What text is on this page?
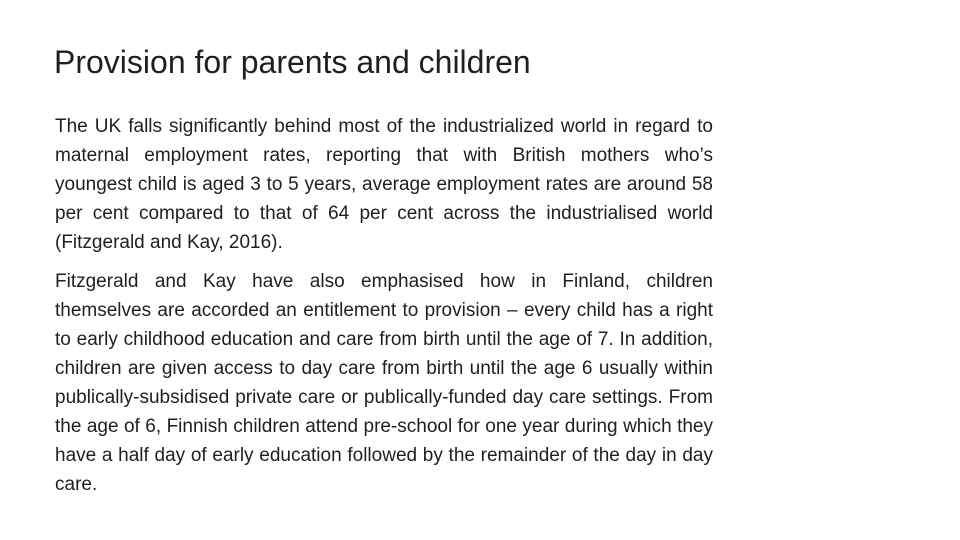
Provision for parents and children

The UK falls significantly behind most of the industrialized world in regard to maternal employment rates, reporting that with British mothers who’s youngest child is aged 3 to 5 years, average employment rates are around 58 per cent compared to that of 64 per cent across the industrialised world (Fitzgerald and Kay, 2016).

Fitzgerald and Kay have also emphasised how in Finland, children themselves are accorded an entitlement to provision – every child has a right to early childhood education and care from birth until the age of 7. In addition, children are given access to day care from birth until the age 6 usually within publically-subsidised private care or publically-funded day care settings. From the age of 6, Finnish children attend pre-school for one year during which they have a half day of early education followed by the remainder of the day in day care.
